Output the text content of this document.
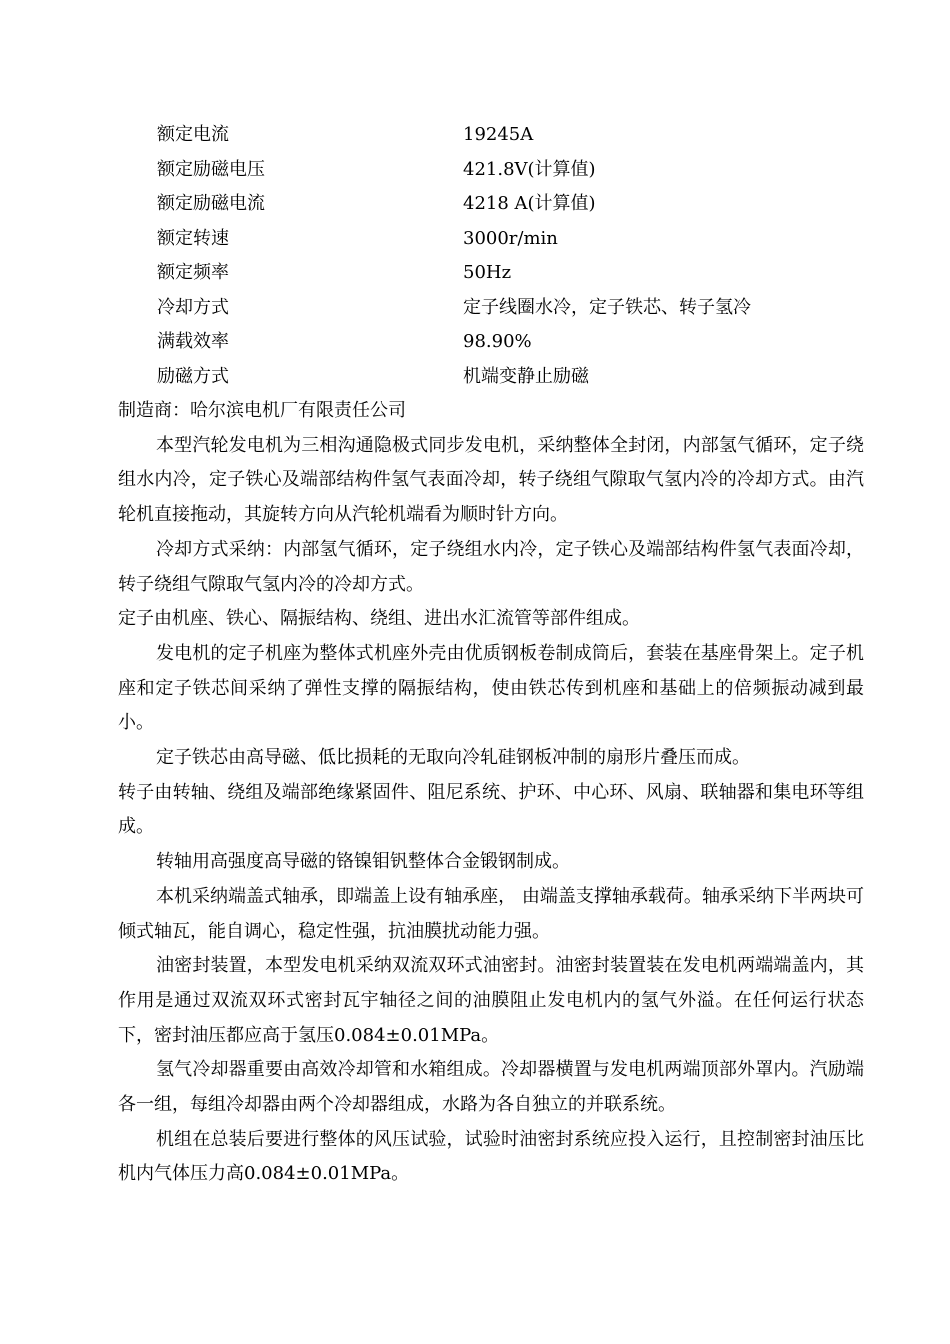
额定电流	19245A
额定励磁电压	421.8V(计算值)
额定励磁电流	4218 A(计算值)
额定转速	3000r/min
额定频率	50Hz
冷却方式	定子线圈水冷，定子铁芯、转子氢冷
满载效率	98.90%
励磁方式	机端变静止励磁

制造商：哈尔滨电机厂有限责任公司

本型汽轮发电机为三相沟通隐极式同步发电机，采纳整体全封闭，内部氢气循环，定子绕组水内冷，定子铁心及端部结构件氢气表面冷却，转子绕组气隙取气氢内冷的冷却方式。由汽轮机直接拖动，其旋转方向从汽轮机端看为顺时针方向。

冷却方式采纳：内部氢气循环，定子绕组水内冷，定子铁心及端部结构件氢气表面冷却，转子绕组气隙取气氢内冷的冷却方式。

定子由机座、铁心、隔振结构、绕组、进出水汇流管等部件组成。

发电机的定子机座为整体式机座外壳由优质钢板卷制成筒后，套装在基座骨架上。定子机座和定子铁芯间采纳了弹性支撑的隔振结构，使由铁芯传到机座和基础上的倍频振动减到最小。

定子铁芯由高导磁、低比损耗的无取向冷轧硅钢板冲制的扇形片叠压而成。

转子由转轴、绕组及端部绝缘紧固件、阻尼系统、护环、中心环、风扇、联轴器和集电环等组成。

转轴用高强度高导磁的铬镍钼钒整体合金锻钢制成。

本机采纳端盖式轴承，即端盖上设有轴承座， 由端盖支撑轴承载荷。轴承采纳下半两块可倾式轴瓦，能自调心，稳定性强，抗油膜扰动能力强。

油密封装置，本型发电机采纳双流双环式油密封。油密封装置装在发电机两端端盖内，其作用是通过双流双环式密封瓦宇轴径之间的油膜阻止发电机内的氢气外溢。在任何运行状态下，密封油压都应高于氢压0.084±0.01MPa。

氢气冷却器重要由高效冷却管和水箱组成。冷却器横置与发电机两端顶部外罩内。汽励端各一组，每组冷却器由两个冷却器组成，水路为各自独立的并联系统。

机组在总装后要进行整体的风压试验，试验时油密封系统应投入运行，且控制密封油压比机内气体压力高0.084±0.01MPa。
